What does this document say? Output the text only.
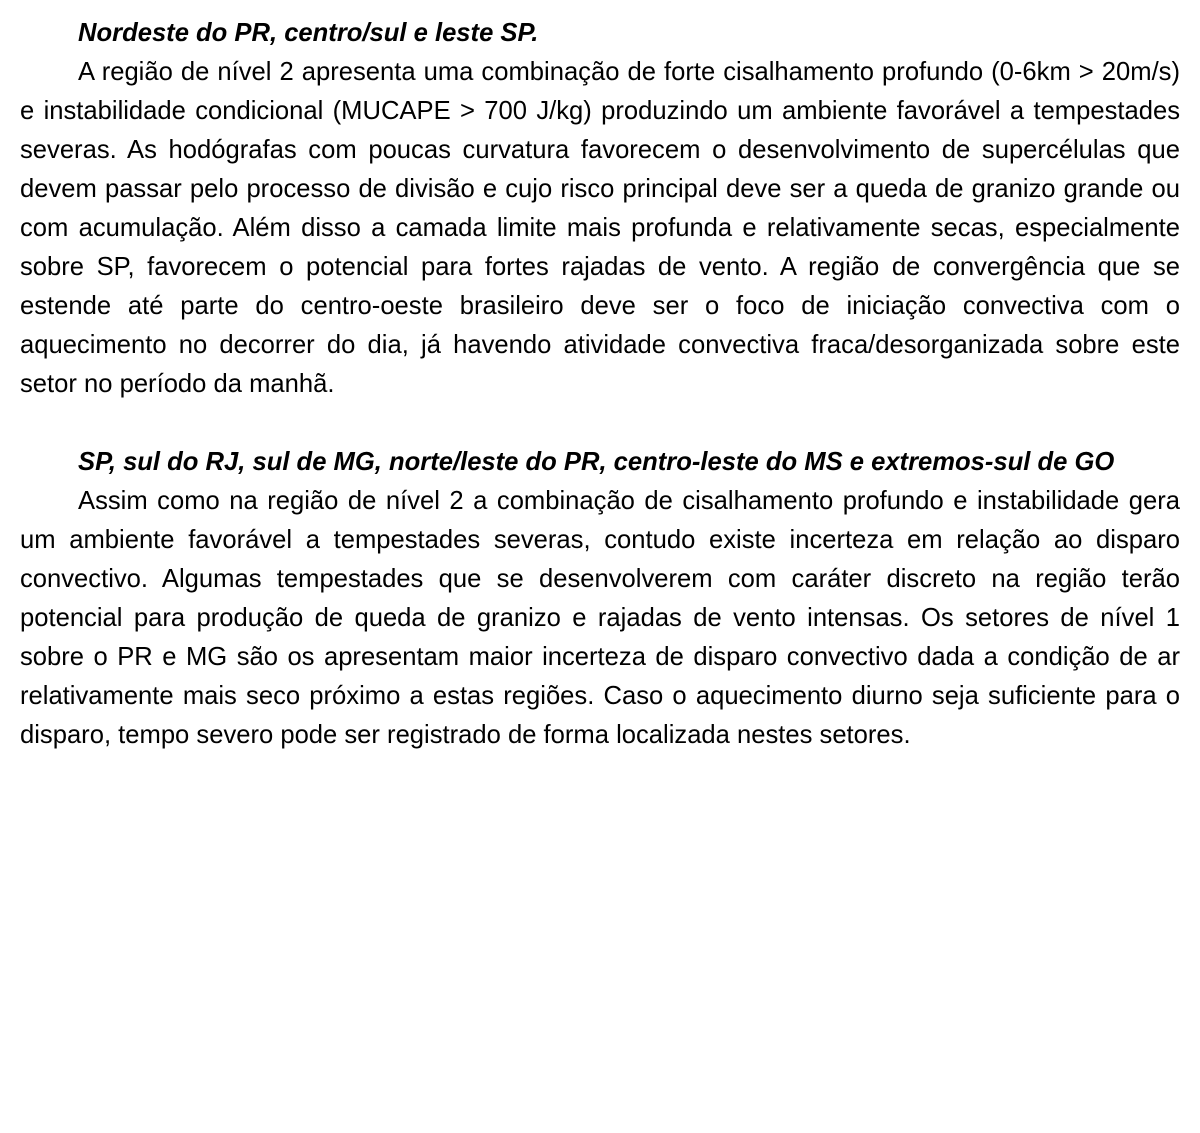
Nordeste do PR, centro/sul e leste SP.

A região de nível 2 apresenta uma combinação de forte cisalhamento profundo (0-6km > 20m/s) e instabilidade condicional (MUCAPE > 700 J/kg) produzindo um ambiente favorável a tempestades severas. As hodógrafas com poucas curvatura favorecem o desenvolvimento de supercélulas que devem passar pelo processo de divisão e cujo risco principal deve ser a queda de granizo grande ou com acumulação. Além disso a camada limite mais profunda e relativamente secas, especialmente sobre SP, favorecem o potencial para fortes rajadas de vento. A região de convergência que se estende até parte do centro-oeste brasileiro deve ser o foco de iniciação convectiva com o aquecimento no decorrer do dia, já havendo atividade convectiva fraca/desorganizada sobre este setor no período da manhã.

SP, sul do RJ, sul de MG, norte/leste do PR, centro-leste do MS e extremos-sul de GO

Assim como na região de nível 2 a combinação de cisalhamento profundo e instabilidade gera um ambiente favorável a tempestades severas, contudo existe incerteza em relação ao disparo convectivo. Algumas tempestades que se desenvolverem com caráter discreto na região terão potencial para produção de queda de granizo e rajadas de vento intensas. Os setores de nível 1 sobre o PR e MG são os apresentam maior incerteza de disparo convectivo dada a condição de ar relativamente mais seco próximo a estas regiões. Caso o aquecimento diurno seja suficiente para o disparo, tempo severo pode ser registrado de forma localizada nestes setores.
